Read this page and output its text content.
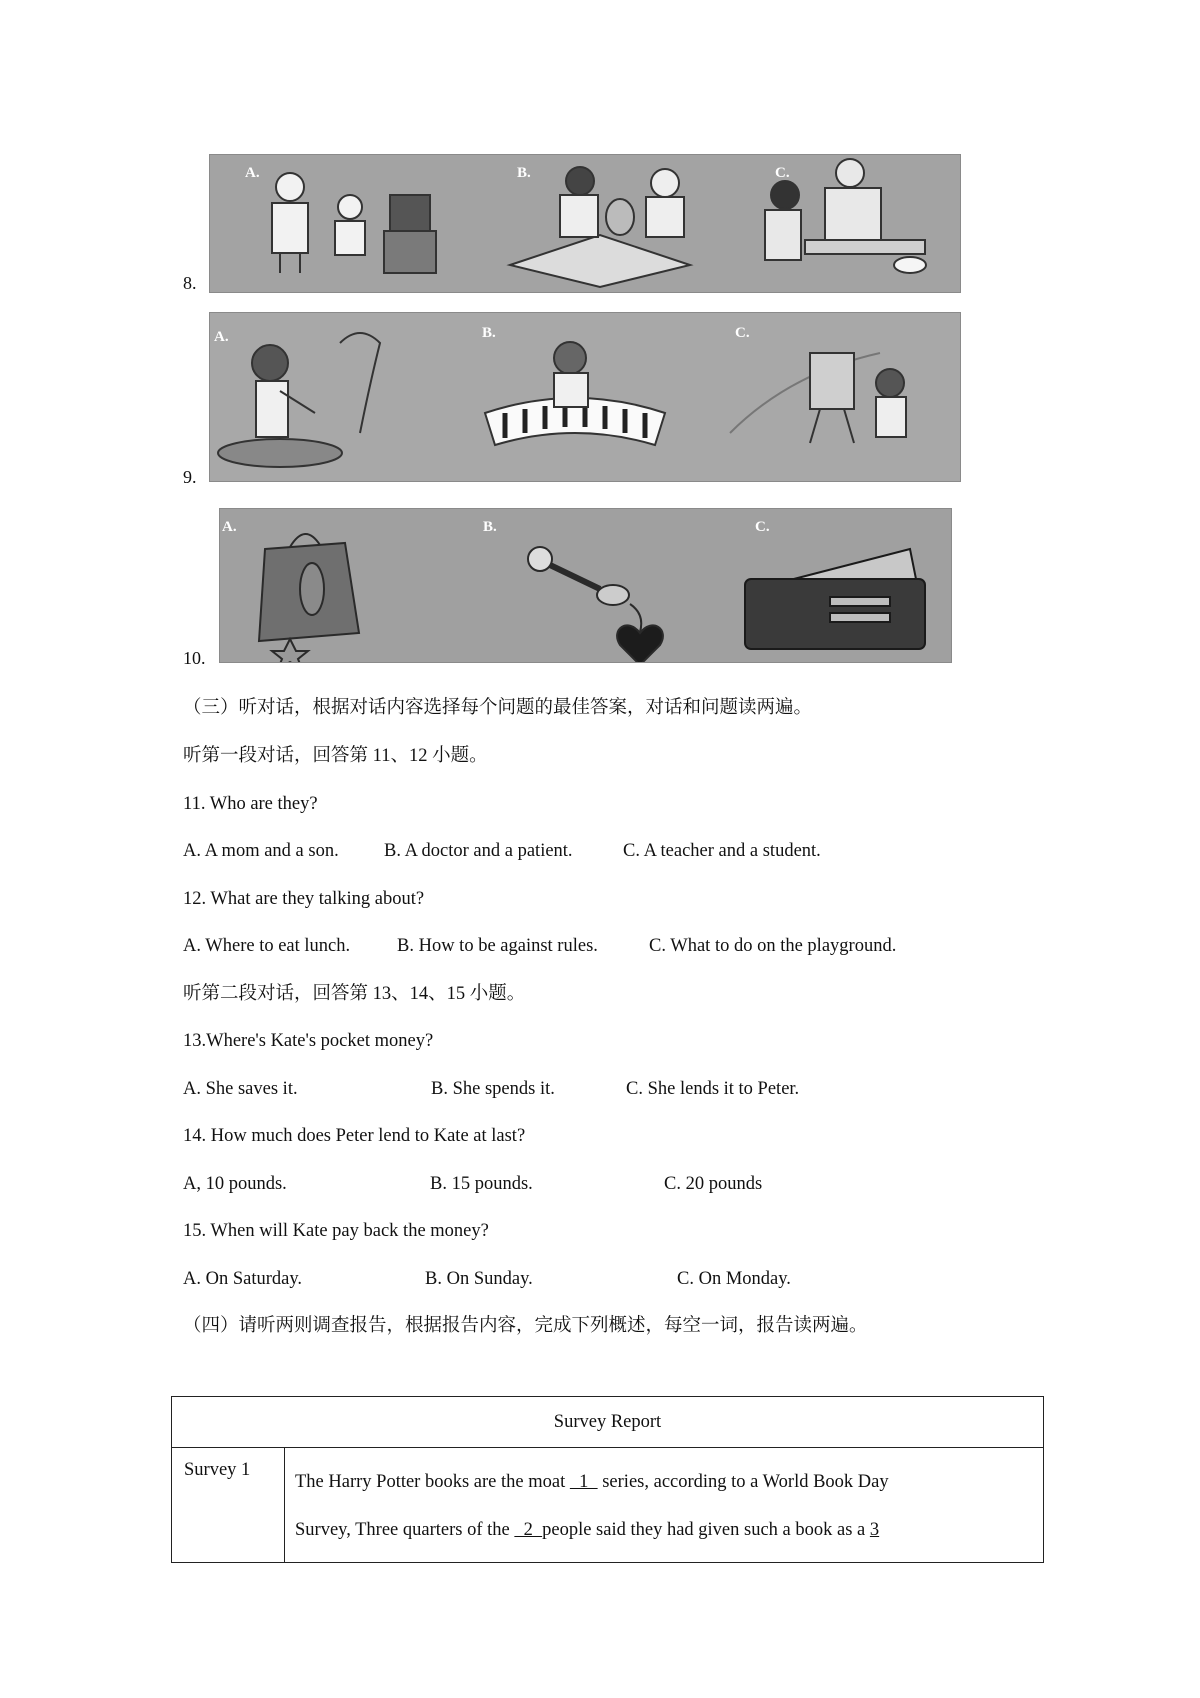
8.
A.	B.	C.
9.
A.	B.	C.
10.
A.	B.	C.
（三）听对话，根据对话内容选择每个问题的最佳答案，对话和问题读两遍。
听第一段对话，回答第 11、12 小题。
11. Who are they?
A. A mom and a son. B. A doctor and a patient.	C. A teacher and a student.
12. What are they talking about?
A. Where to eat lunch.	B. How to be against rules.	C. What to do on the playground.
听第二段对话，回答第 13、14、15 小题。
13.Where's Kate's pocket money?
A. She saves it.	B. She spends it.	C. She lends it to Peter.
14. How much does Peter lend to Kate at last?
A, 10 pounds.	B. 15 pounds.	C. 20 pounds
15. When will Kate pay back the money?
A. On Saturday.	B. On Sunday.	C. On Monday.
（四）请听两则调查报告，根据报告内容，完成下列概述，每空一词，报告读两遍。
Survey Report
Survey 1	The Harry Potter books are the moat   1   series, according to a World Book Day
Survey, Three quarters of the   2  people said they had given such a book as a 3
